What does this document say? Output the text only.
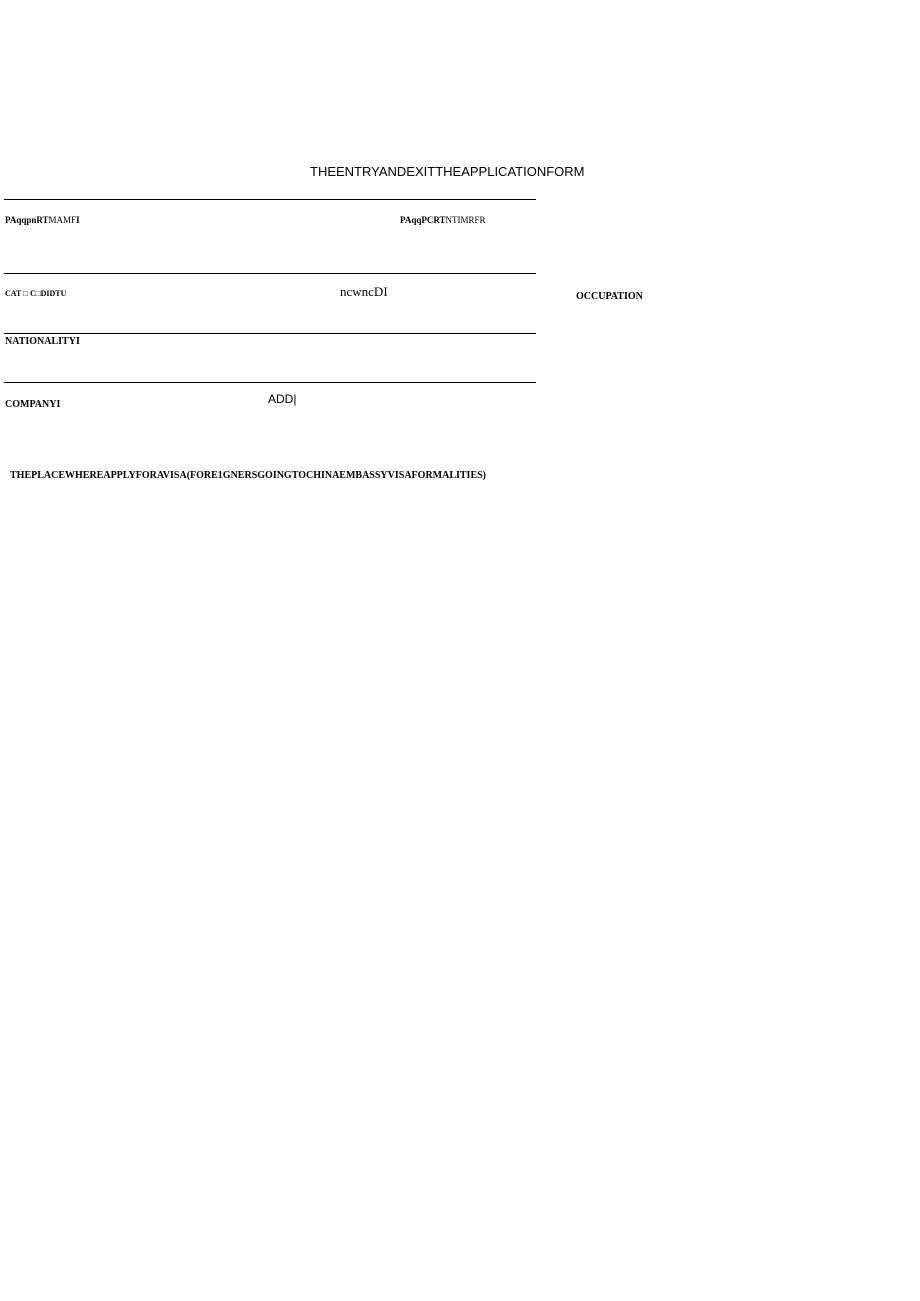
THEENTRYANDEXITTHEAPPLICATIONFORM
PAqqpnRTMAMFI	PAqqPCRTNTIMRFR
CAT □ C□DIDTU	ncwncDI	OCCUPATION
NATIONALITYI
COMPANYI	ADD|
THEPLACEWHEREAPPLYFORAVISA(FORE1GNERSGOINGTOCHINAEMBASSYVISAFORMALITIES)
